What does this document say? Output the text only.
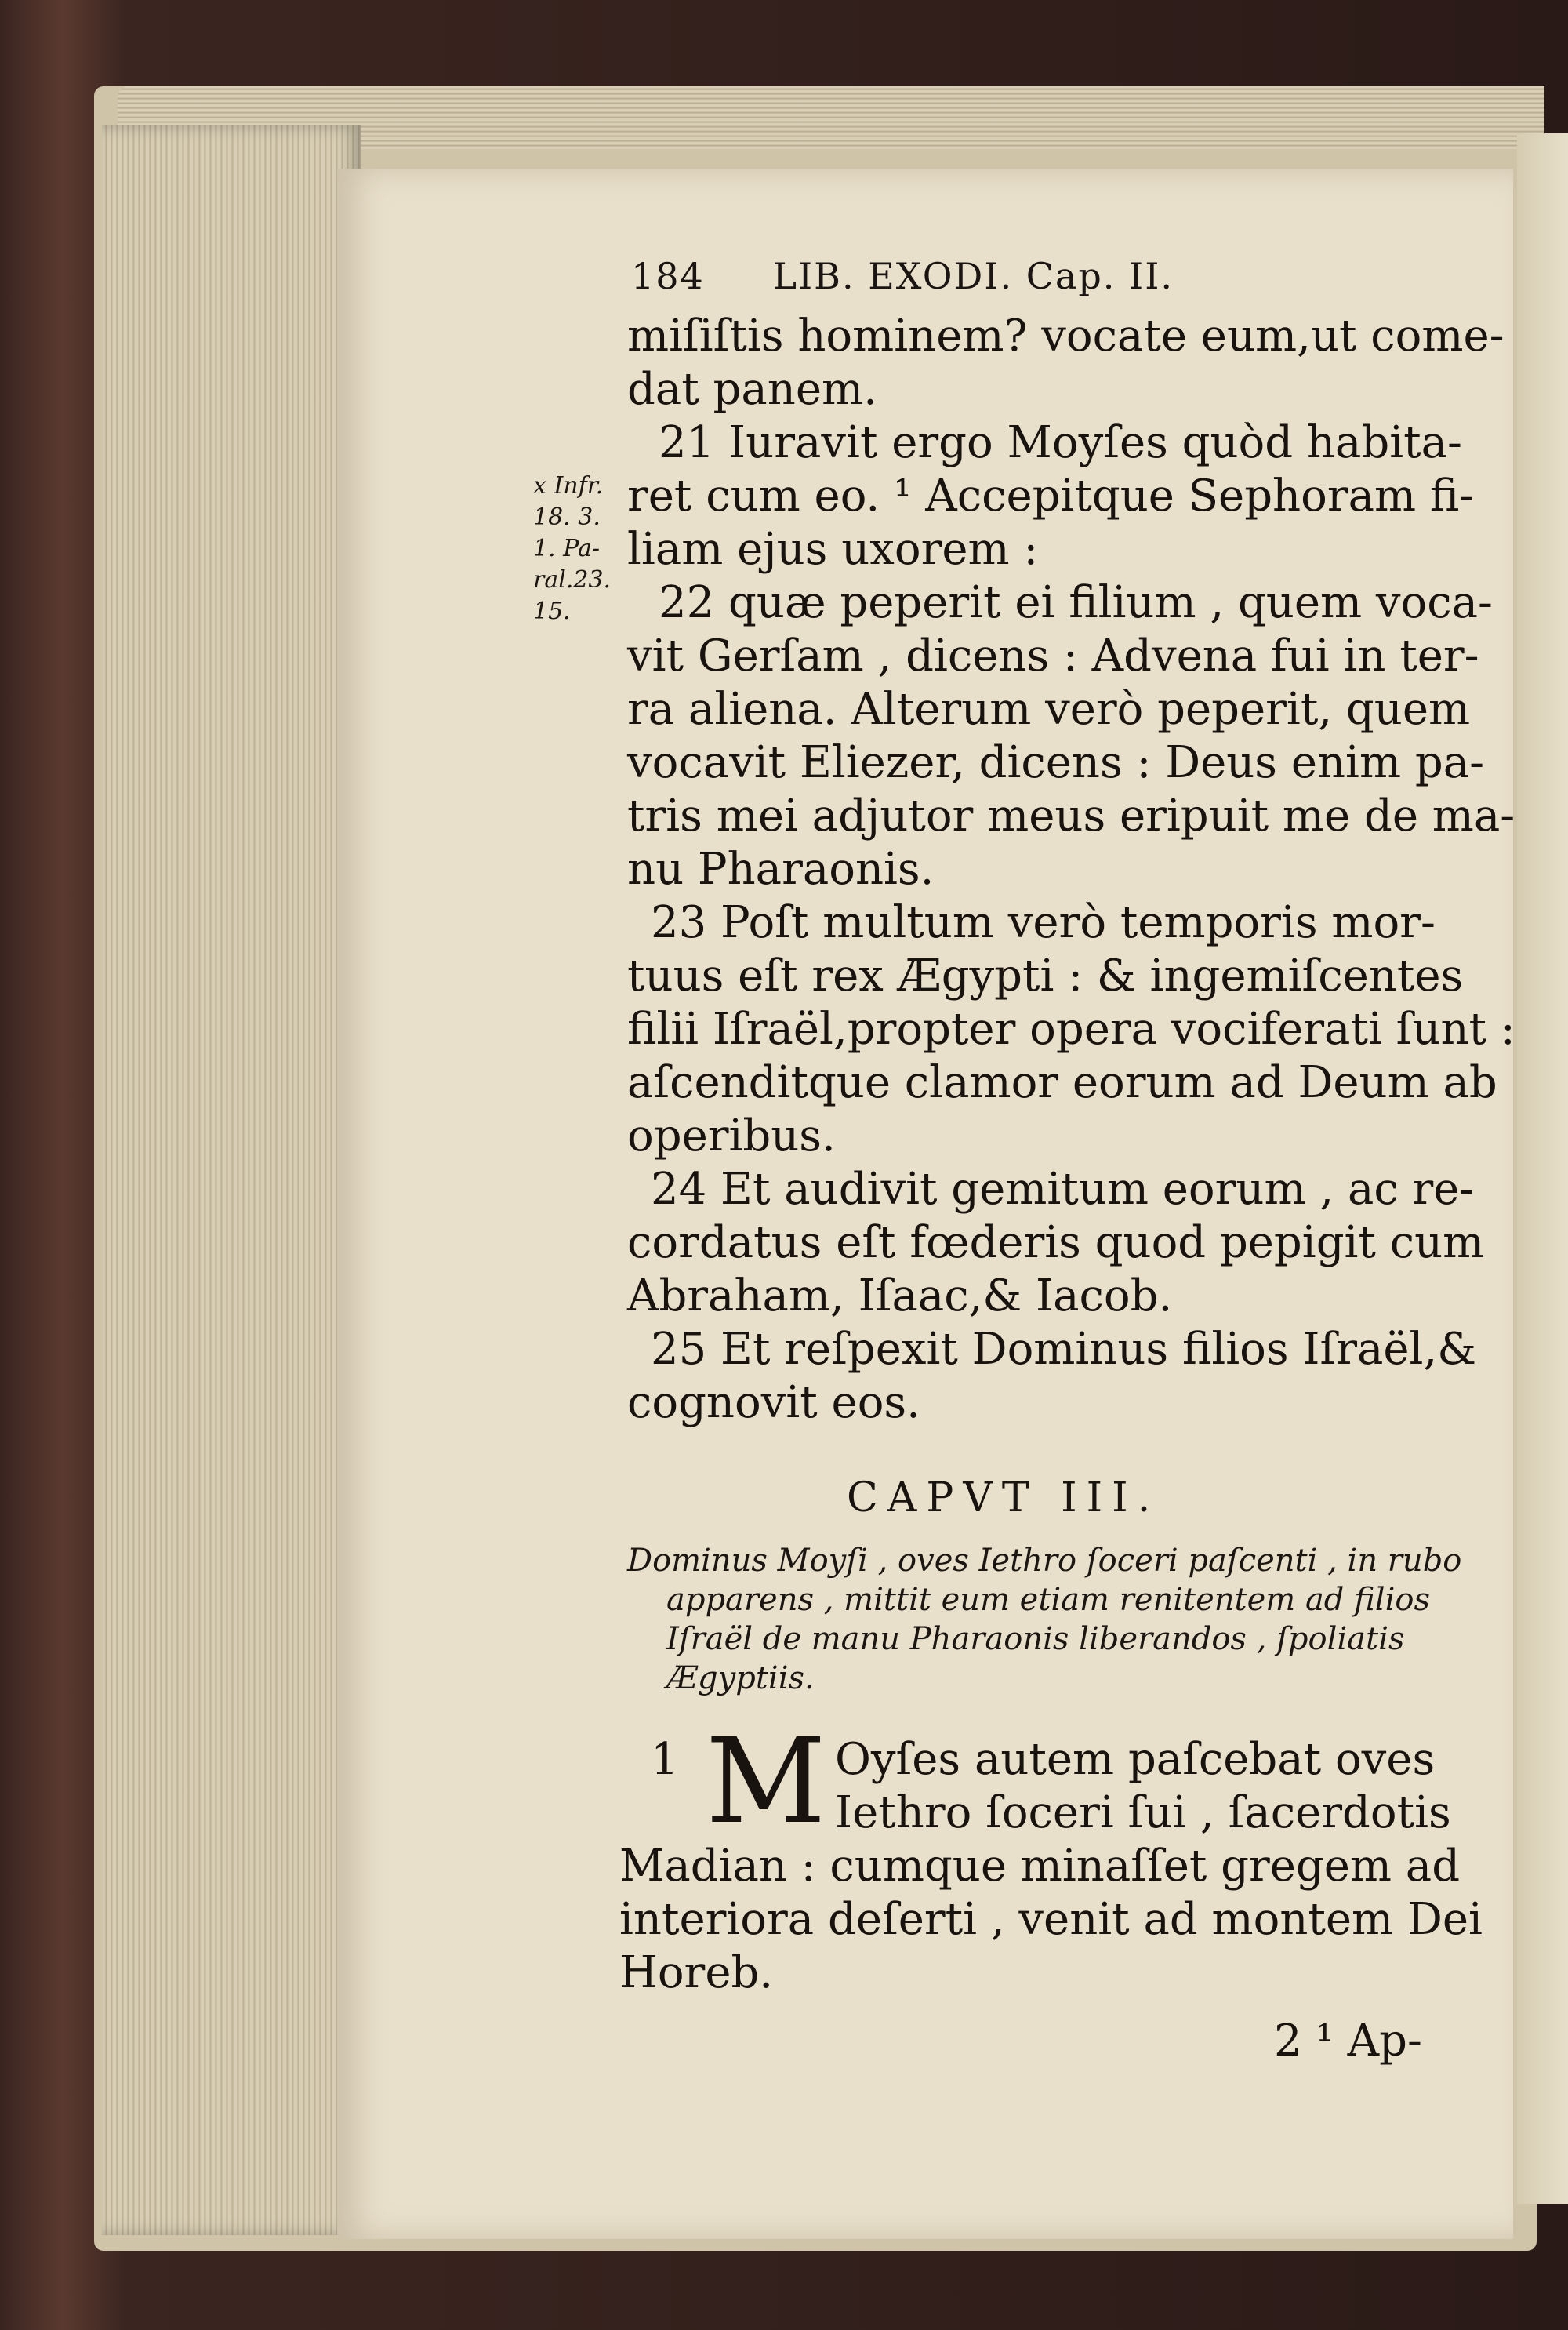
184 LIB. EXODI. Cap. II.
x Infr.
18. 3.
1. Pa-
ral.23.
15.
miſiſtis hominem? vocate eum,ut come-
dat panem.
21 Iuravit ergo Moyſes quòd habita-
ret cum eo. ¹ Accepitque Sephoram fi-
liam ejus uxorem :
22 quæ peperit ei filium , quem voca-
vit Gerſam , dicens : Advena fui in ter-
ra aliena. Alterum verò peperit, quem
vocavit Eliezer, dicens : Deus enim pa-
tris mei adjutor meus eripuit me de ma-
nu Pharaonis.
23 Poſt multum verò temporis mor-
tuus eſt rex Ægypti : & ingemiſcentes
filii Iſraël,propter opera vociferati ſunt :
aſcenditque clamor eorum ad Deum ab
operibus.
24 Et audivit gemitum eorum , ac re-
cordatus eſt fœderis quod pepigit cum
Abraham, Iſaac,& Iacob.
25 Et reſpexit Dominus filios Iſraël,&
cognovit eos.
CAPVT III.
Dominus Moyſi , oves Iethro ſoceri paſcenti , in rubo
apparens , mittit eum etiam renitentem ad filios
Iſraël de manu Pharaonis liberandos , ſpoliatis
Ægyptiis.
1 M Oyſes autem paſcebat oves
Iethro ſoceri ſui , ſacerdotis
Madian : cumque minaſſet gregem ad
interiora deſerti , venit ad montem Dei
Horeb.
2 ¹ Ap-
